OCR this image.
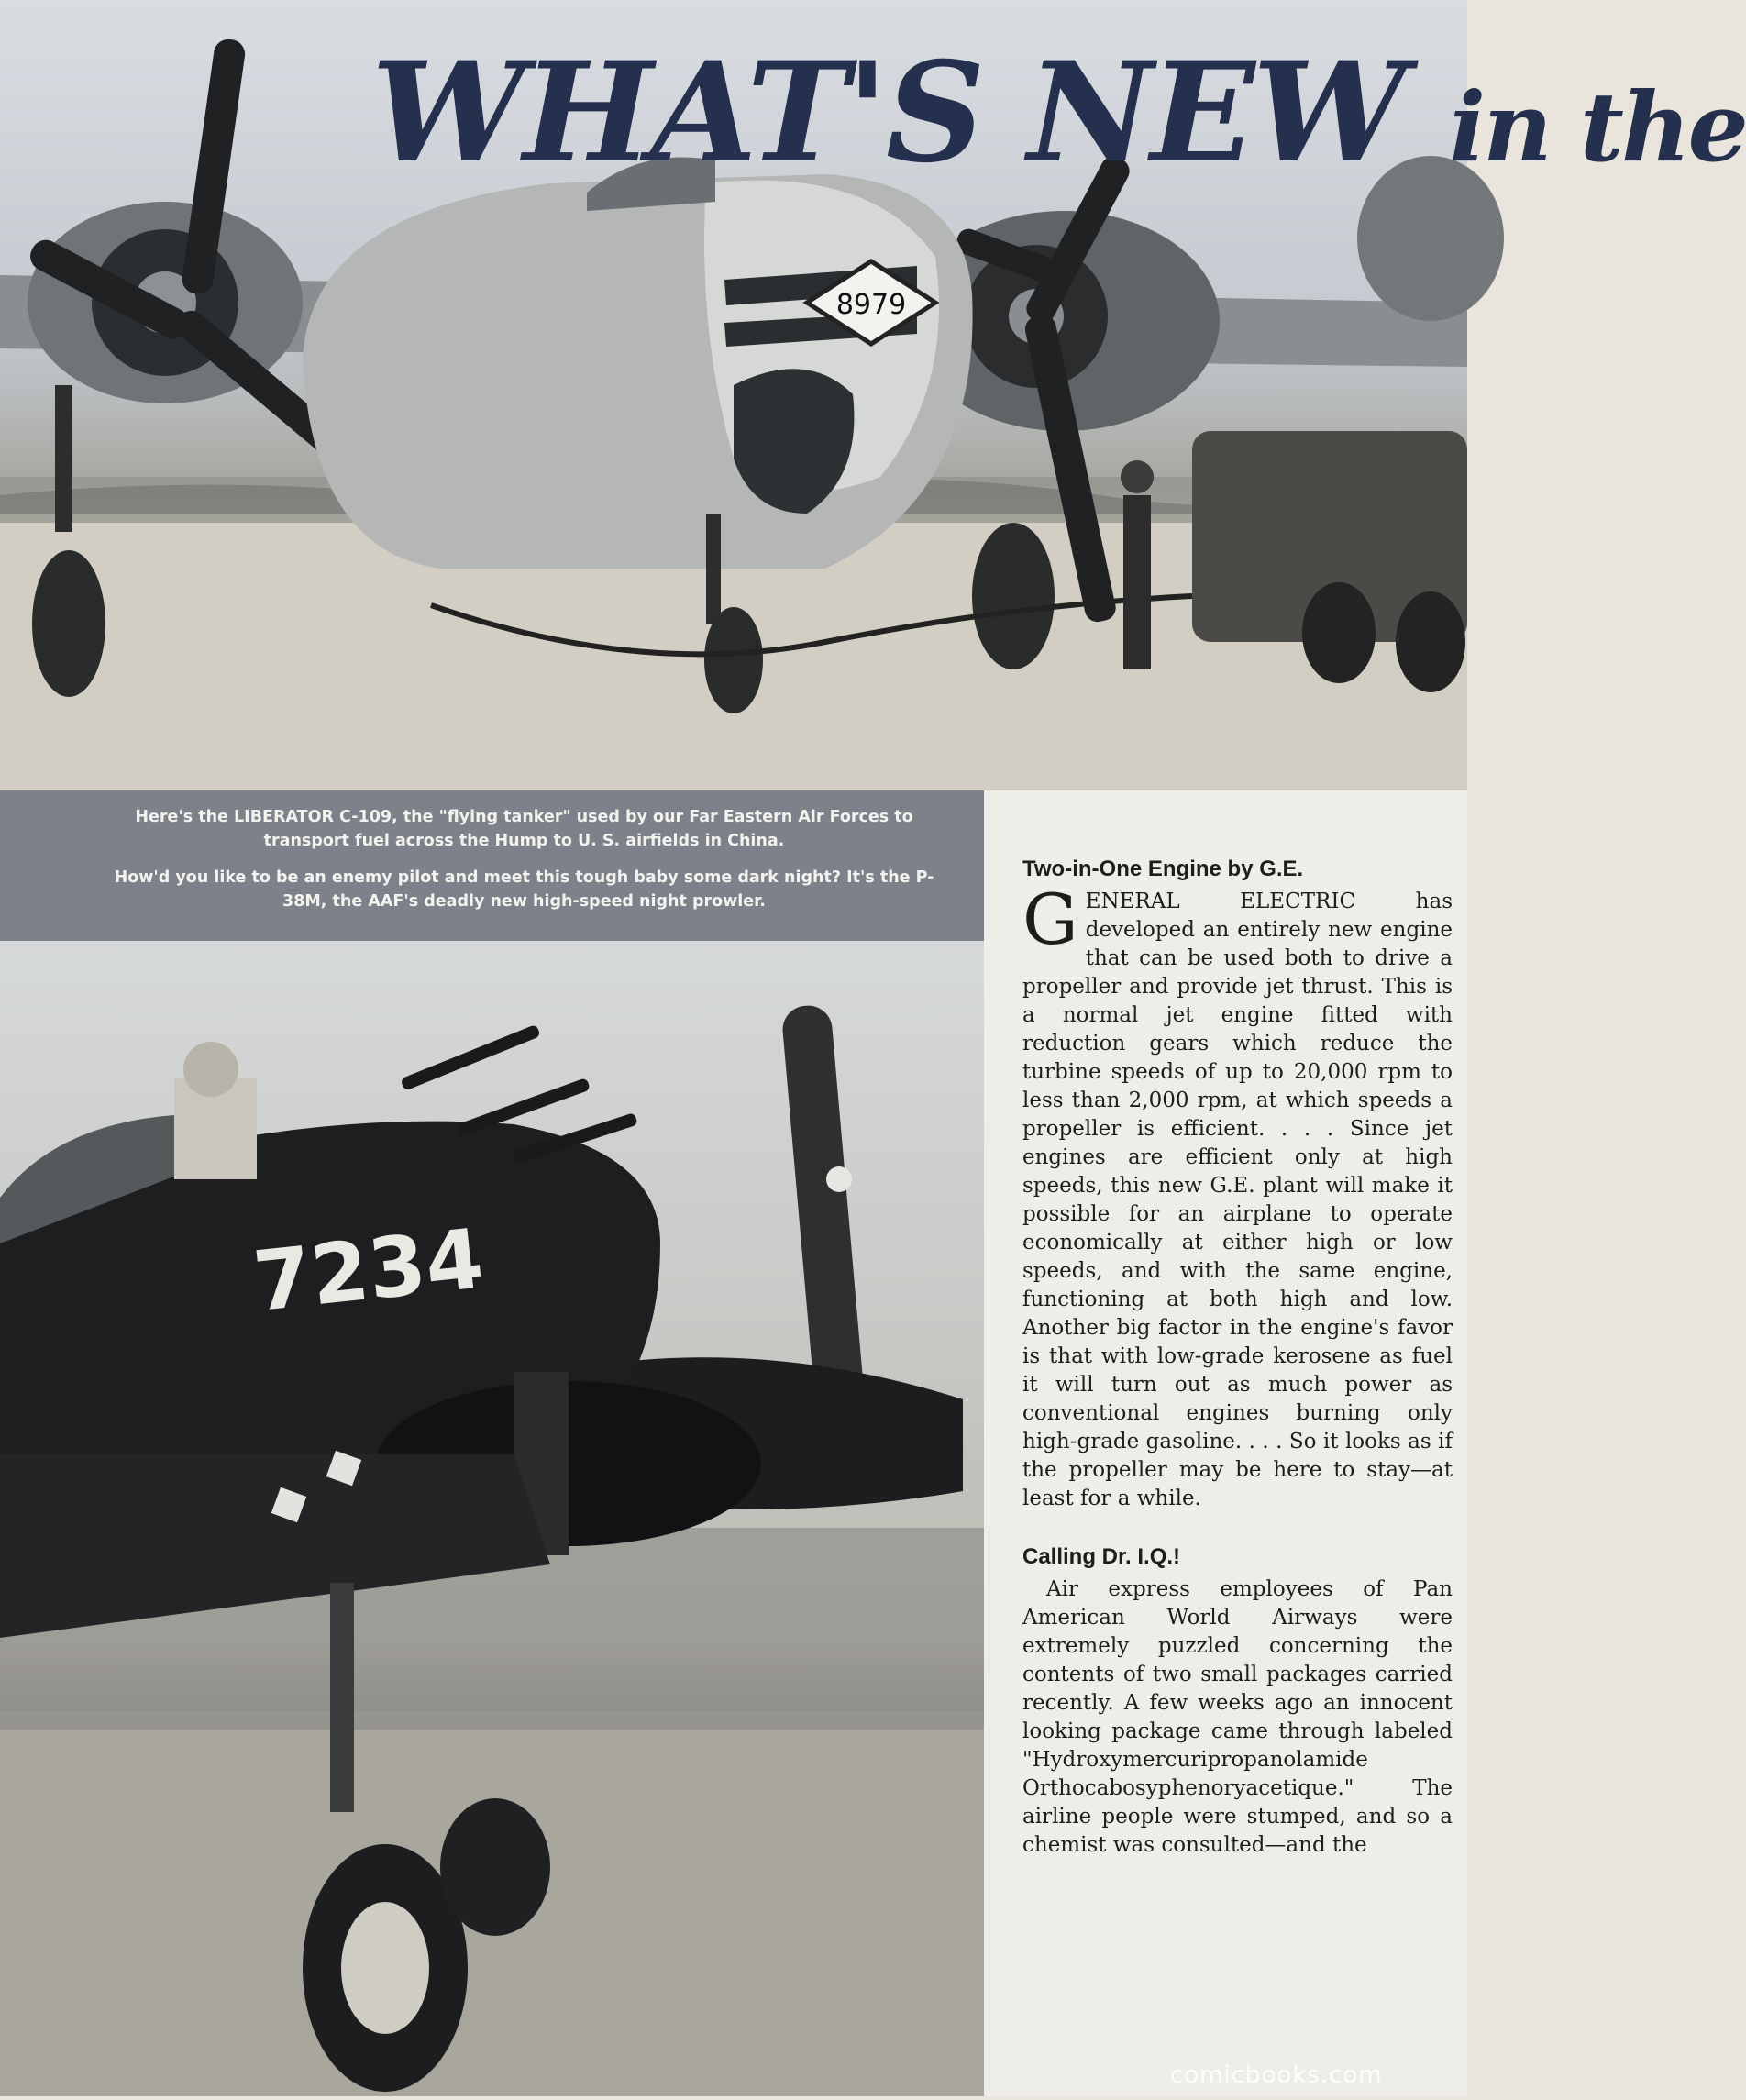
8979
WHAT'S NEW in the

Here's the LIBERATOR C-109, the "flying tanker" used by our Far Eastern Air Forces to transport fuel across the Hump to U. S. airfields in China.

How'd you like to be an enemy pilot and meet this tough baby some dark night? It's the P-38M, the AAF's deadly new high-speed night prowler.

7234
Two-in-One Engine by G.E.

GENERAL ELECTRIC has developed an entirely new engine that can be used both to drive a propeller and provide jet thrust. This is a normal jet engine fitted with reduction gears which reduce the turbine speeds of up to 20,000 rpm to less than 2,000 rpm, at which speeds a propeller is efficient. . . . Since jet engines are efficient only at high speeds, this new G.E. plant will make it possible for an airplane to operate economically at either high or low speeds, and with the same engine, functioning at both high and low. Another big factor in the engine's favor is that with low-grade kerosene as fuel it will turn out as much power as conventional engines burning only high-grade gasoline. . . . So it looks as if the propeller may be here to stay—at least for a while.

Calling Dr. I.Q.!

Air express employees of Pan American World Airways were extremely puzzled concerning the contents of two small packages carried recently. A few weeks ago an innocent looking package came through labeled "Hydroxymercuripropanolamide Orthocabosyphenoryacetique." The airline people were stumped, and so a chemist was consulted—and the

comicbooks.com
